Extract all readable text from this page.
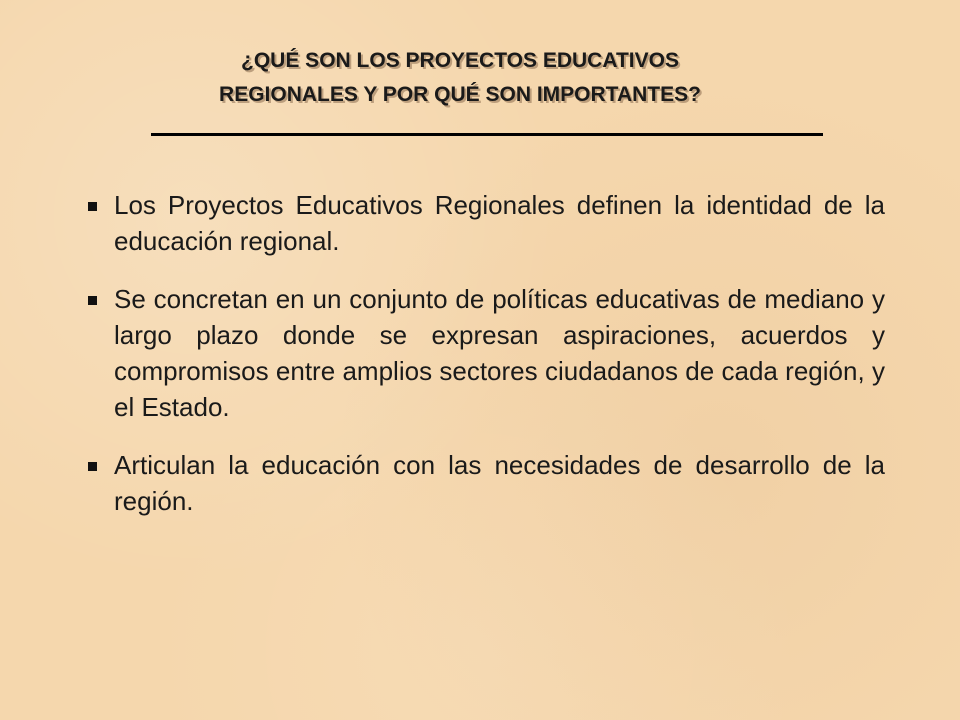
¿QUÉ SON LOS PROYECTOS EDUCATIVOS
REGIONALES Y POR QUÉ SON IMPORTANTES?
Los Proyectos Educativos Regionales definen la identidad de la educación regional.
Se concretan en un conjunto de políticas educativas de mediano y largo plazo donde se expresan aspiraciones, acuerdos y compromisos entre amplios sectores ciudadanos de cada región, y el Estado.
Articulan la educación con las necesidades de desarrollo de la región.
